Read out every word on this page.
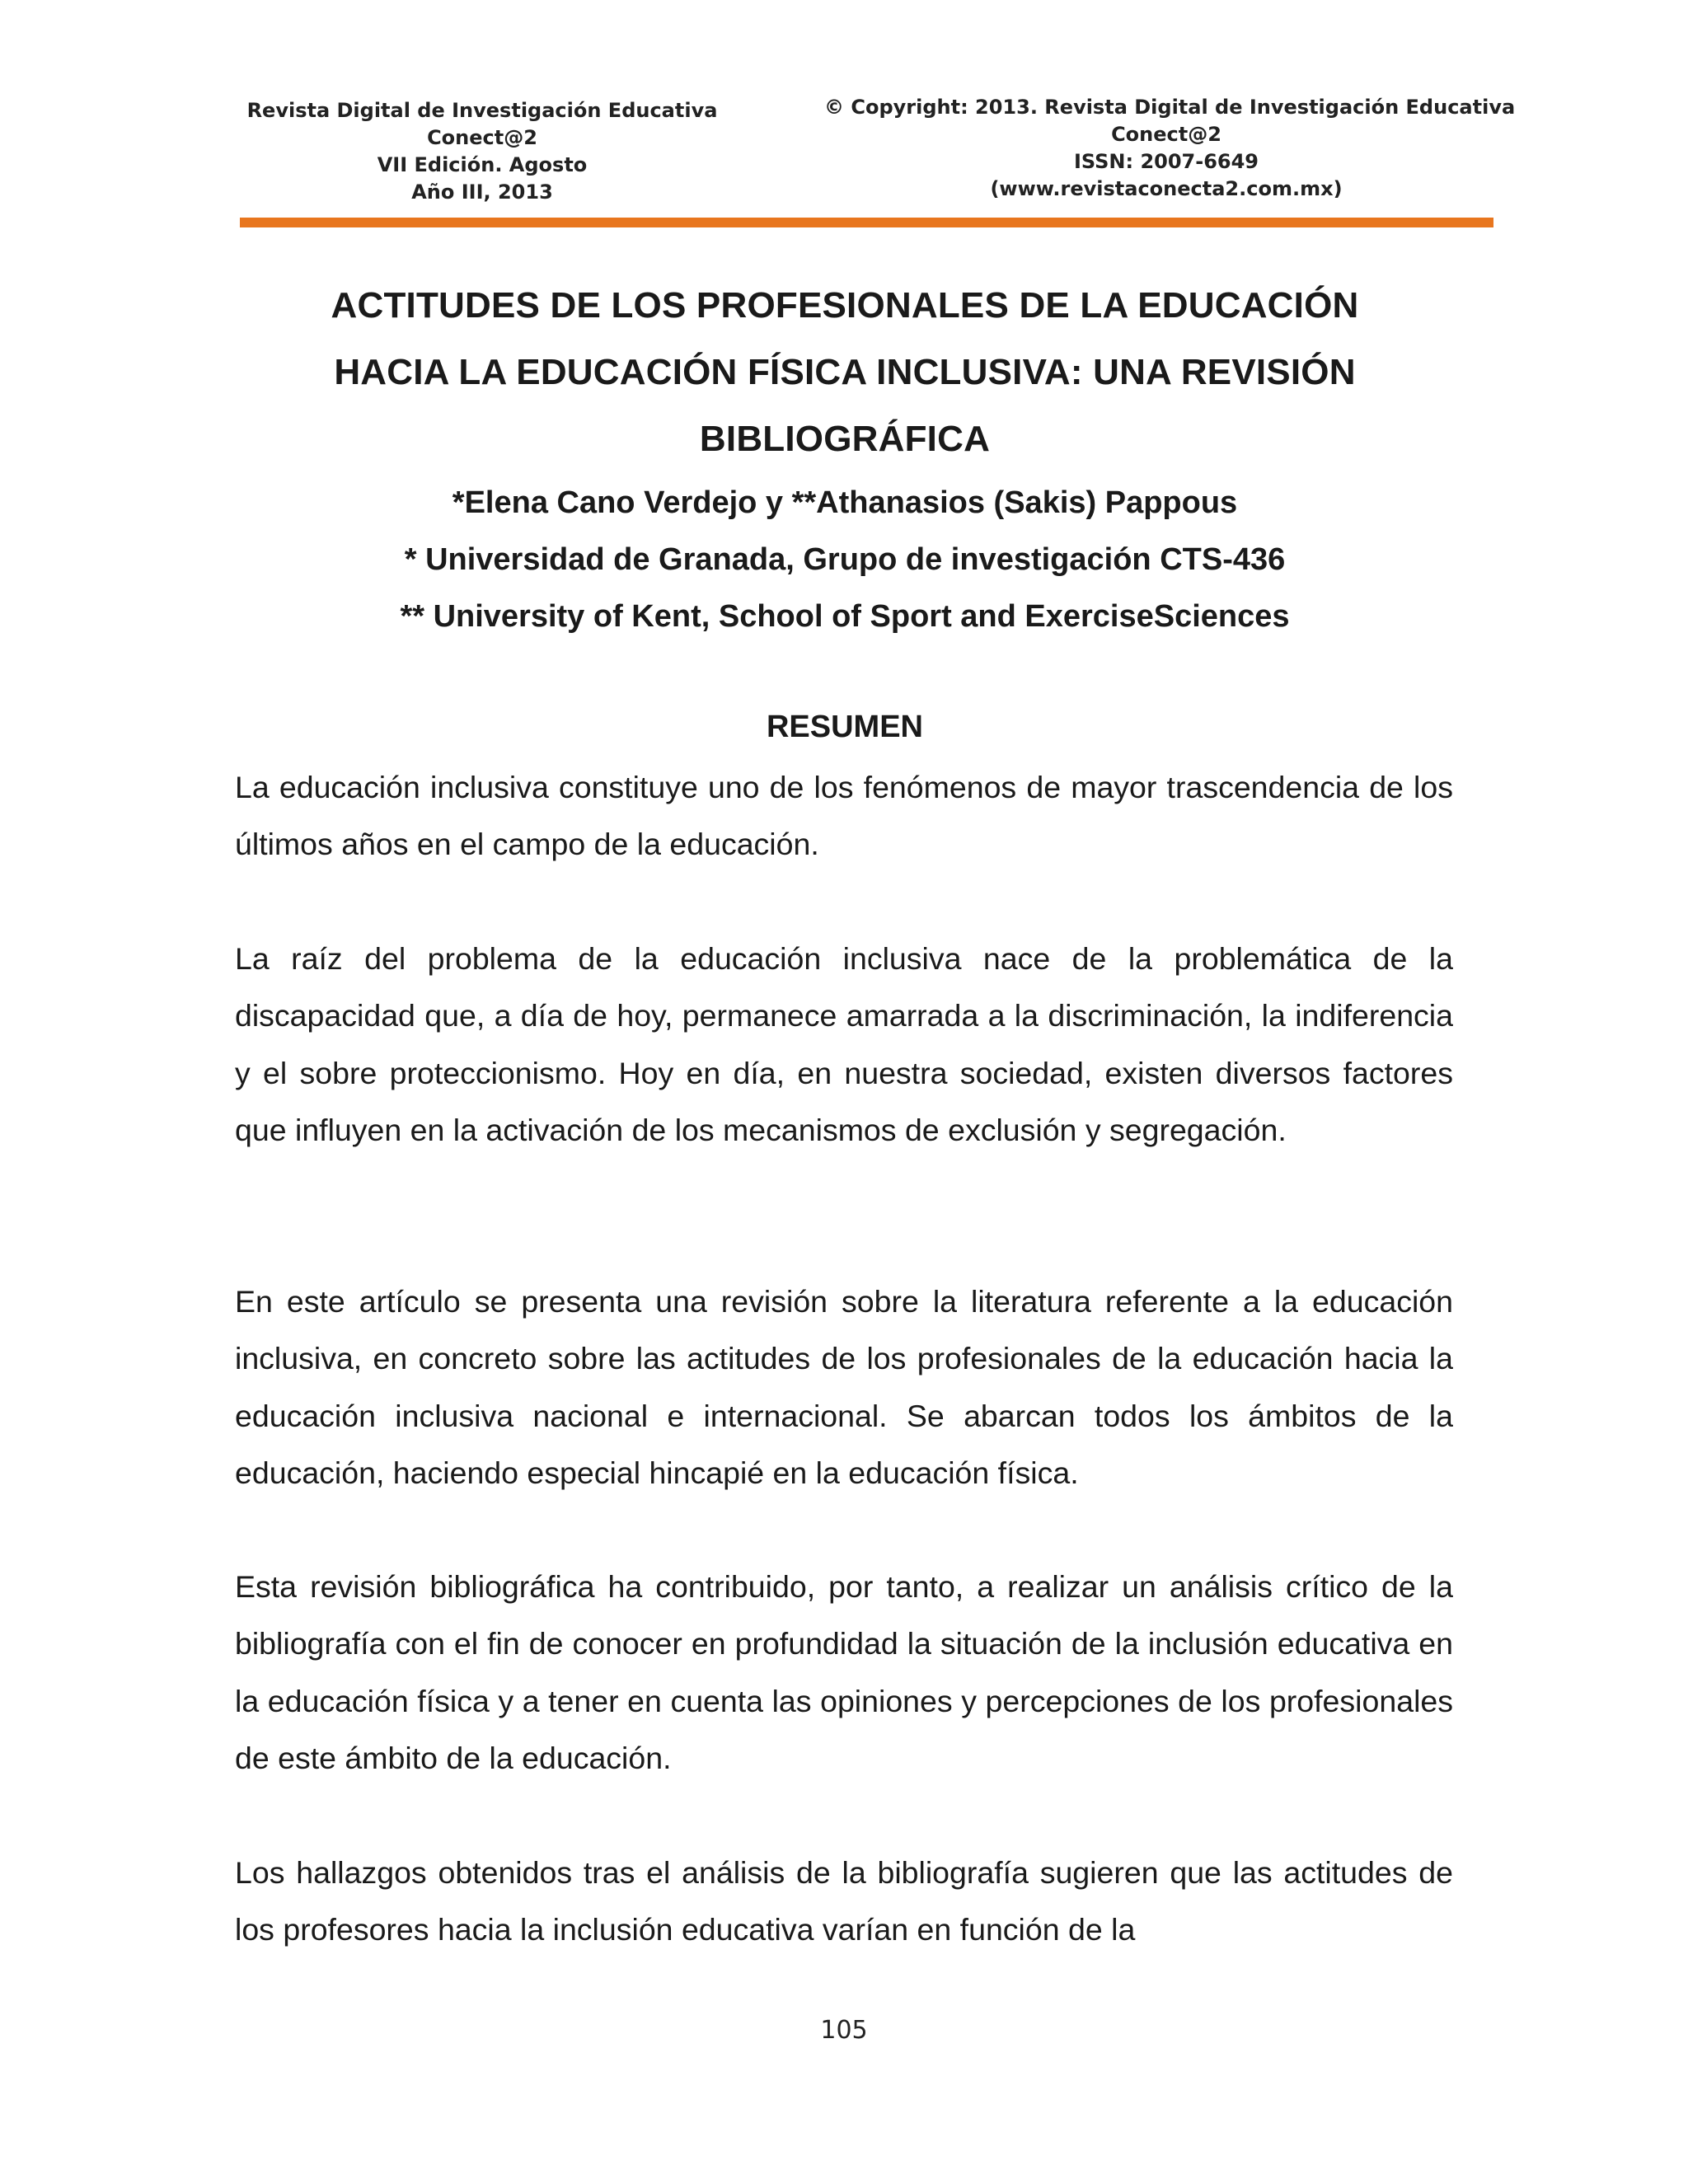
Revista Digital de Investigación Educativa
Conect@2
VII Edición. Agosto
Año III, 2013
© Copyright: 2013. Revista Digital de Investigación Educativa
Conect@2
ISSN: 2007-6649
(www.revistaconecta2.com.mx)
ACTITUDES DE LOS PROFESIONALES DE LA EDUCACIÓN
HACIA LA EDUCACIÓN FÍSICA INCLUSIVA: UNA REVISIÓN
BIBLIOGRÁFICA
*Elena Cano Verdejo y **Athanasios (Sakis) Pappous
* Universidad de Granada, Grupo de investigación CTS-436
** University of Kent, School of Sport and ExerciseSciences
RESUMEN

La educación inclusiva constituye uno de los fenómenos de mayor trascendencia de los últimos años en el campo de la educación.

La raíz del problema de la educación inclusiva nace de la problemática de la discapacidad que, a día de hoy, permanece amarrada a la discriminación, la indiferencia y el sobre proteccionismo. Hoy en día, en nuestra sociedad, existen diversos factores que influyen en la activación de los mecanismos de exclusión y segregación.

En este artículo se presenta una revisión sobre la literatura referente a la educación inclusiva, en concreto sobre las actitudes de los profesionales de la educación hacia la educación inclusiva nacional e internacional. Se abarcan todos los ámbitos de la educación, haciendo especial hincapié en la educación física.

Esta revisión bibliográfica ha contribuido, por tanto, a realizar un análisis crítico de la bibliografía con el fin de conocer en profundidad la situación de la inclusión educativa en la educación física y a tener en cuenta las opiniones y percepciones de los profesionales de este ámbito de la educación.

Los hallazgos obtenidos tras el análisis de la bibliografía sugieren que las actitudes de los profesores hacia la inclusión educativa varían en función de la

105
